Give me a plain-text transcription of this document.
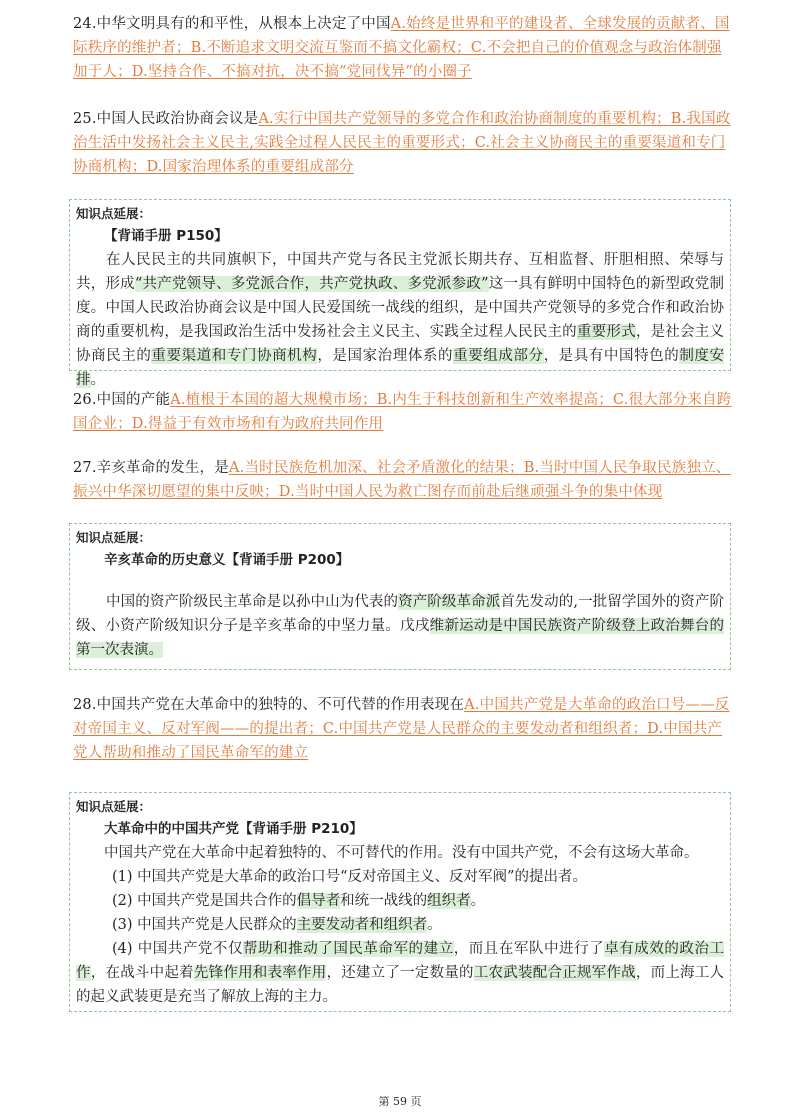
24.中华文明具有的和平性，从根本上决定了中国A.始终是世界和平的建设者、全球发展的贡献者、国际秩序的维护者；B.不断追求文明交流互鉴而不搞文化霸权；C.不会把自己的价值观念与政治体制强加于人；D.坚持合作、不搞对抗，决不搞“党同伐异”的小圈子
25.中国人民政治协商会议是A.实行中国共产党领导的多党合作和政治协商制度的重要机构；B.我国政治生活中发扬社会主义民主,实践全过程人民民主的重要形式；C.社会主义协商民主的重要渠道和专门协商机构；D.国家治理体系的重要组成部分
知识点延展：
【背诵手册 P150】
在人民民主的共同旗帜下，中国共产党与各民主党派长期共存、互相监督、肝胆相照、荣辱与共，形成“共产党领导、多党派合作，共产党执政、多党派参政”这一具有鲜明中国特色的新型政党制度。中国人民政治协商会议是中国人民爱国统一战线的组织，是中国共产党领导的多党合作和政治协商的重要机构，是我国政治生活中发扬社会主义民主、实践全过程人民民主的重要形式，是社会主义协商民主的重要渠道和专门协商机构，是国家治理体系的重要组成部分，是具有中国特色的制度安排。
26.中国的产能A.植根于本国的超大规模市场；B.内生于科技创新和生产效率提高；C.很大部分来自跨国企业；D.得益于有效市场和有为政府共同作用
27.辛亥革命的发生，是A.当时民族危机加深、社会矛盾激化的结果；B.当时中国人民争取民族独立、振兴中华深切愿望的集中反映；D.当时中国人民为救亡图存而前赴后继顽强斗争的集中体现
知识点延展：
辛亥革命的历史意义【背诵手册 P200】
中国的资产阶级民主革命是以孙中山为代表的资产阶级革命派首先发动的,一批留学国外的资产阶级、小资产阶级知识分子是辛亥革命的中坚力量。戊戌维新运动是中国民族资产阶级登上政治舞台的第一次表演。
28.中国共产党在大革命中的独特的、不可代替的作用表现在A.中国共产党是大革命的政治口号——反对帝国主义、反对军阀——的提出者；C.中国共产党是人民群众的主要发动者和组织者；D.中国共产党人帮助和推动了国民革命军的建立
知识点延展：
大革命中的中国共产党【背诵手册 P210】
中国共产党在大革命中起着独特的、不可替代的作用。没有中国共产党，不会有这场大革命。
(1) 中国共产党是大革命的政治口号“反对帝国主义、反对军阀”的提出者。
(2) 中国共产党是国共合作的倡导者和统一战线的组织者。
(3) 中国共产党是人民群众的主要发动者和组织者。
(4) 中国共产党不仅帮助和推动了国民革命军的建立，而且在军队中进行了卓有成效的政治工作，在战斗中起着先锋作用和表率作用，还建立了一定数量的工农武装配合正规军作战，而上海工人的起义武装更是充当了解放上海的主力。
第 59 页
